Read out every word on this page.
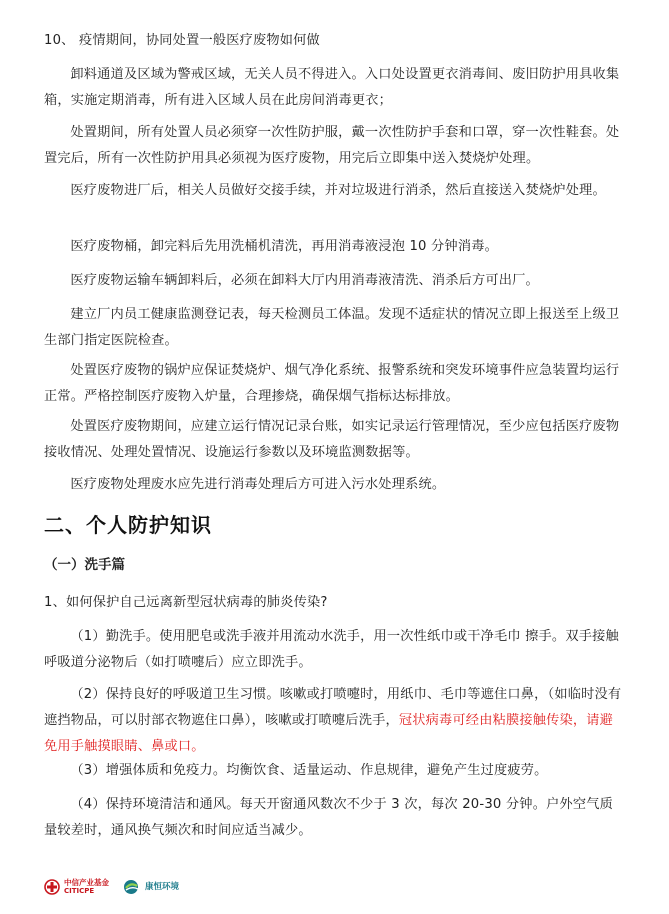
10、 疫情期间，协同处置一般医疗废物如何做

卸料通道及区域为警戒区域，无关人员不得进入。入口处设置更衣消毒间、废旧防护用具收集箱，实施定期消毒，所有进入区域人员在此房间消毒更衣；

处置期间，所有处置人员必须穿一次性防护服，戴一次性防护手套和口罩，穿一次性鞋套。处置完后，所有一次性防护用具必须视为医疗废物，用完后立即集中送入焚烧炉处理。

医疗废物进厂后，相关人员做好交接手续，并对垃圾进行消杀，然后直接送入焚烧炉处理。

医疗废物桶，卸完料后先用洗桶机清洗，再用消毒液浸泡 10 分钟消毒。

医疗废物运输车辆卸料后，必须在卸料大厅内用消毒液清洗、消杀后方可出厂。

建立厂内员工健康监测登记表，每天检测员工体温。发现不适症状的情况立即上报送至上级卫生部门指定医院检查。

处置医疗废物的锅炉应保证焚烧炉、烟气净化系统、报警系统和突发环境事件应急装置均运行正常。严格控制医疗废物入炉量，合理掺烧，确保烟气指标达标排放。

处置医疗废物期间，应建立运行情况记录台账，如实记录运行管理情况，至少应包括医疗废物接收情况、处理处置情况、设施运行参数以及环境监测数据等。

医疗废物处理废水应先进行消毒处理后方可进入污水处理系统。

二、个人防护知识
（一）洗手篇

1、如何保护自己远离新型冠状病毒的肺炎传染?

（1）勤洗手。使用肥皂或洗手液并用流动水洗手，用一次性纸巾或干净毛巾 擦手。双手接触呼吸道分泌物后（如打喷嚏后）应立即洗手。

（2）保持良好的呼吸道卫生习惯。咳嗽或打喷嚏时，用纸巾、毛巾等遮住口鼻，（如临时没有遮挡物品，可以肘部衣物遮住口鼻），咳嗽或打喷嚏后洗手，冠状病毒可经由粘膜接触传染，请避免用手触摸眼睛、鼻或口。

（3）增强体质和免疫力。均衡饮食、适量运动、作息规律，避免产生过度疲劳。

（4）保持环境清洁和通风。每天开窗通风数次不少于 3 次，每次 20-30 分钟。户外空气质量较差时，通风换气频次和时间应适当减少。

中信产业基金
CITICPE	康恒环境
